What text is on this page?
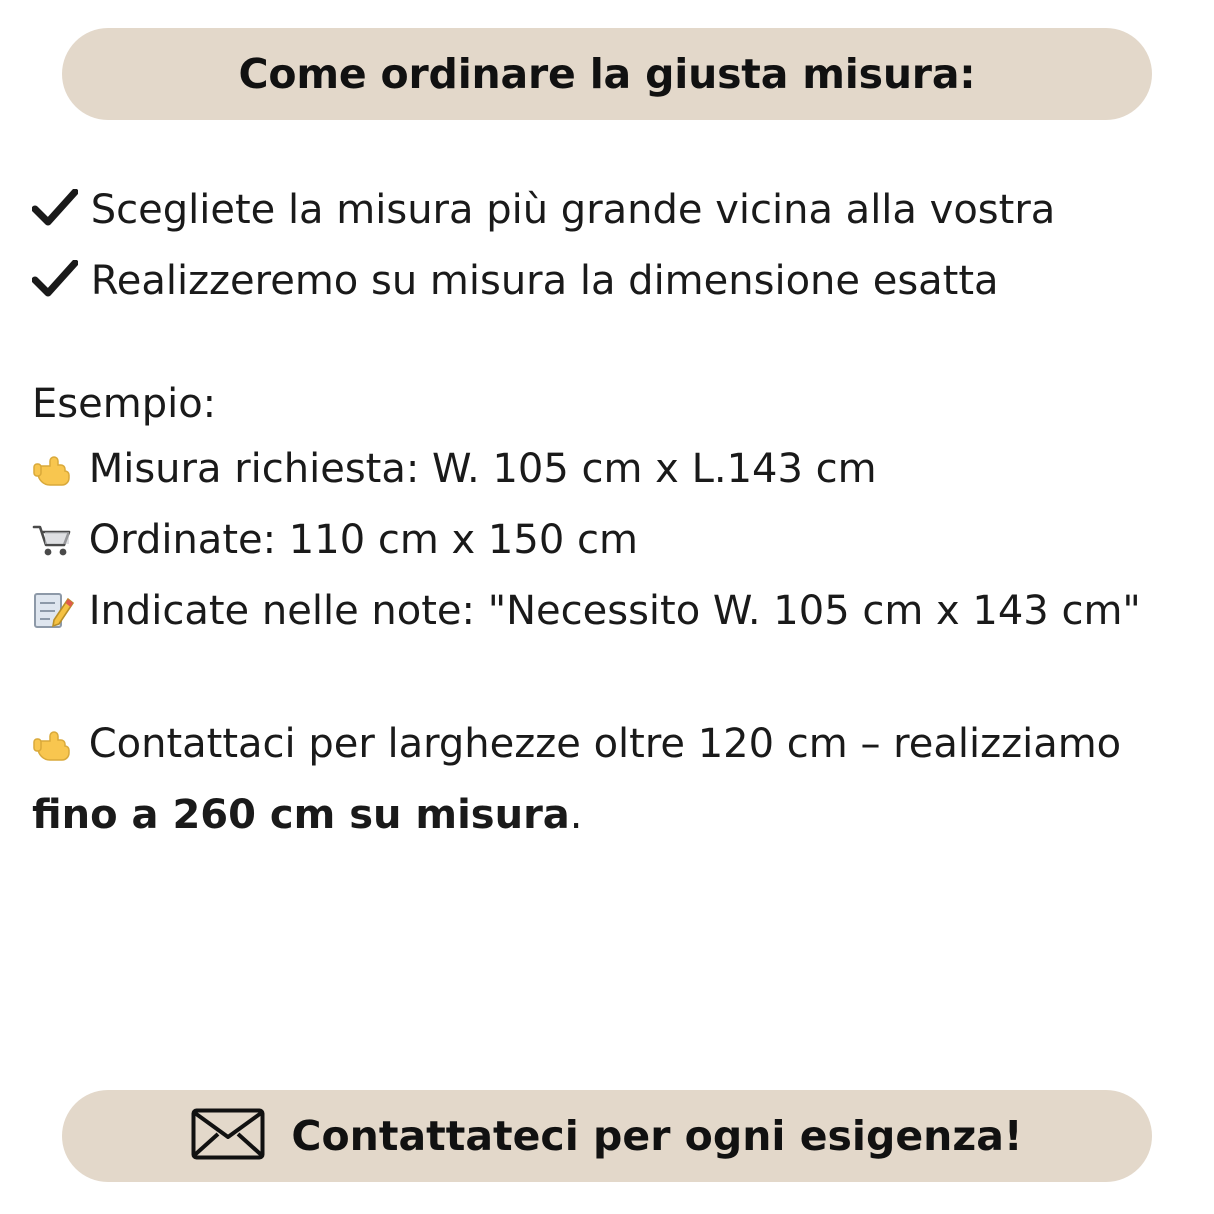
Come ordinare la giusta misura:
Scegliete la misura più grande vicina alla vostra
Realizzeremo su misura la dimensione esatta
Esempio:
Misura richiesta: W. 105 cm x L.143 cm
Ordinate: 110 cm x 150 cm
Indicate nelle note: "Necessito W. 105 cm x 143 cm"
Contattaci per larghezze oltre 120 cm – realizziamo fino a 260 cm su misura.
Contattateci per ogni esigenza!
